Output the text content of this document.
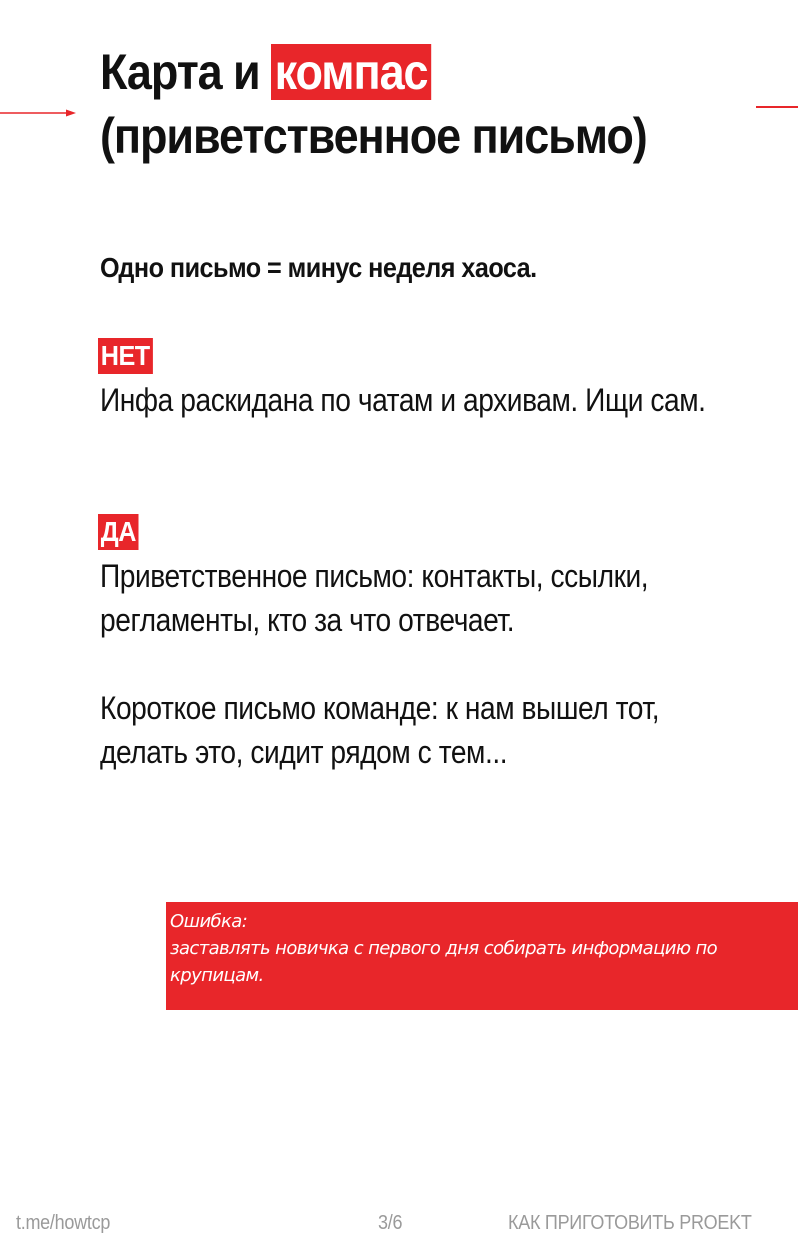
Карта и компас
(приветственное письмо)

Одно письмо = минус неделя хаоса.

НЕТ

Инфа раскидана по чатам и архивам. Ищи сам.

ДА

Приветственное письмо: контакты, ссылки, регламенты, кто за что отвечает.

Короткое письмо команде: к нам вышел тот, делать это, сидит рядом с тем...

Ошибка:

заставлять новичка с первого дня собирать информацию по крупицам.

t.me/howtcp	3/6	КАК ПРИГОТОВИТЬ PROEKT
